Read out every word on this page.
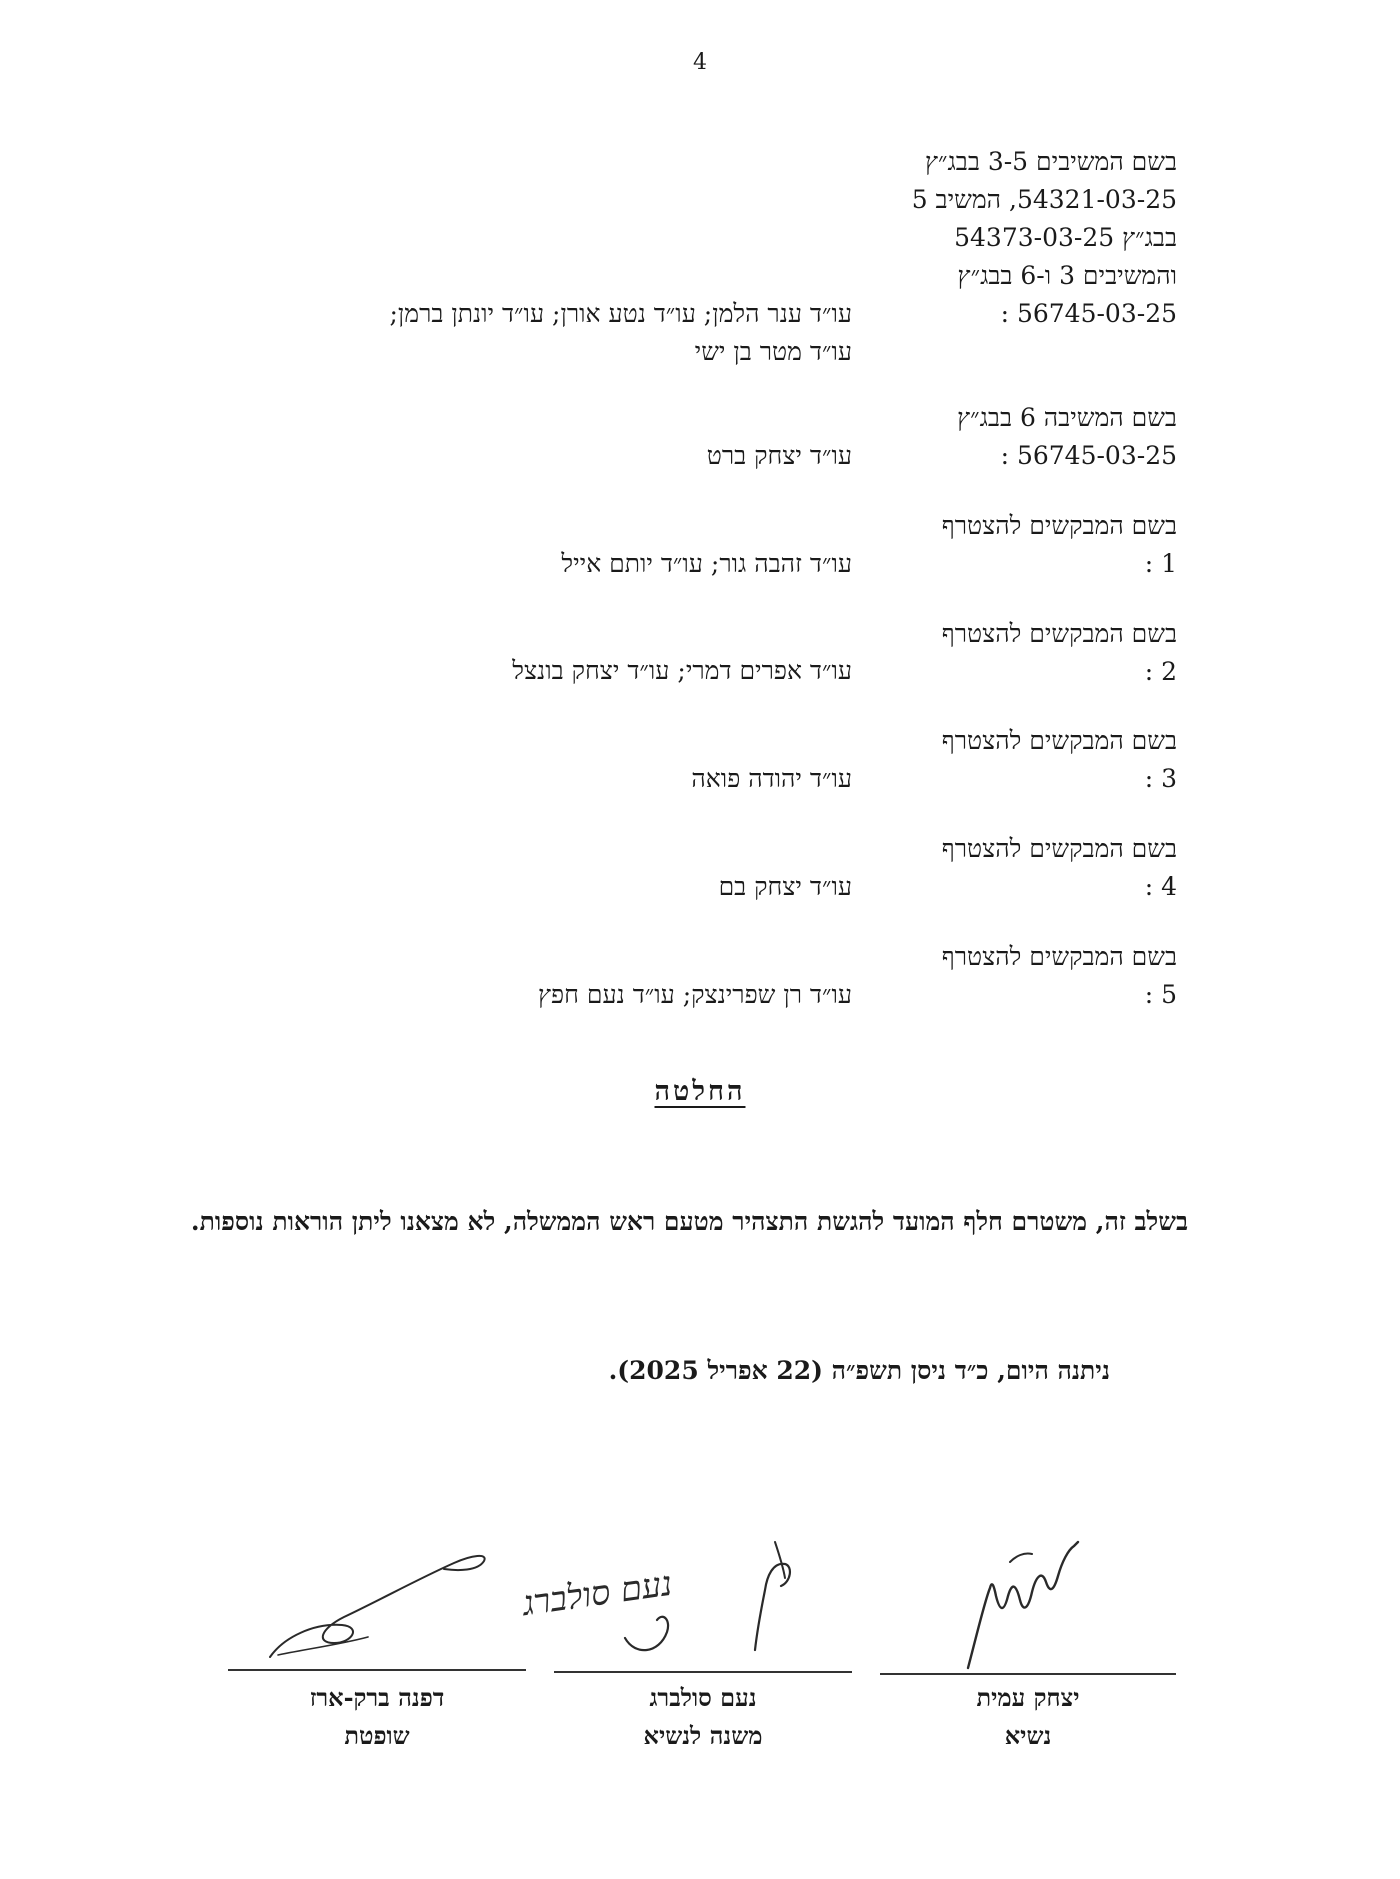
4
בשם המשיבים 3-5 בבג״ץ
54321-03-25, המשיב 5
בבג״ץ 54373-03-25
והמשיבים 3 ו-6 בבג״ץ
56745-03-25 :
עו״ד ענר הלמן; עו״ד נטע אורן; עו״ד יונתן ברמן;
עו״ד מטר בן ישי
בשם המשיבה 6 בבג״ץ
56745-03-25 :
עו״ד יצחק ברט
בשם המבקשים להצטרף
1 :
עו״ד זהבה גור; עו״ד יותם אייל
בשם המבקשים להצטרף
2 :
עו״ד אפרים דמרי; עו״ד יצחק בונצל
בשם המבקשים להצטרף
3 :
עו״ד יהודה פואה
בשם המבקשים להצטרף
4 :
עו״ד יצחק בם
בשם המבקשים להצטרף
5 :
עו״ד רן שפרינצק; עו״ד נעם חפץ
החלטה
בשלב זה, משטרם חלף המועד להגשת התצהיר מטעם ראש הממשלה, לא מצאנו ליתן הוראות נוספות.
ניתנה היום, כ״ד ניסן תשפ״ה (22 אפריל 2025).
נעם סולברג
יצחק עמית
נשיא
נעם סולברג
משנה לנשיא
דפנה ברק-ארז
שופטת
